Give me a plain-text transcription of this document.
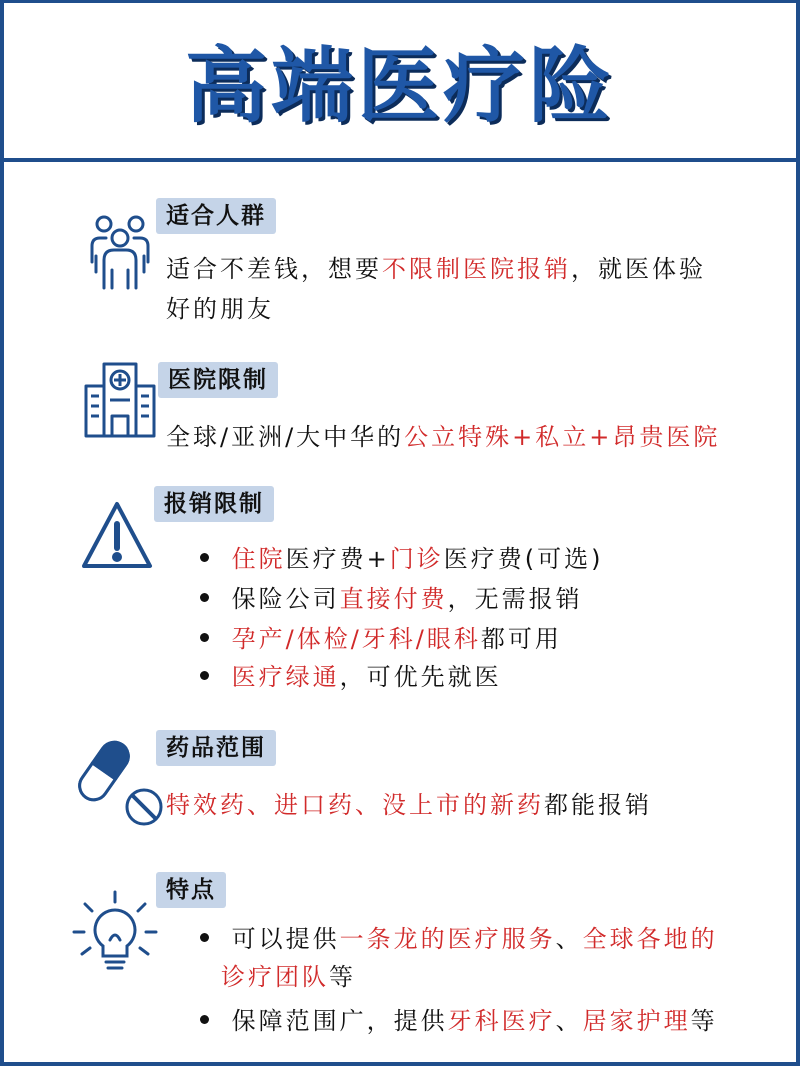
高端医疗险
适合人群
适合不差钱，想要不限制医院报销，就医体验
好的朋友
医院限制
全球/亚洲/大中华的公立特殊+私立+昂贵医院
报销限制
住院医疗费+门诊医疗费(可选)
保险公司直接付费，无需报销
孕产/体检/牙科/眼科都可用
医疗绿通，可优先就医
药品范围
特效药、进口药、没上市的新药都能报销
特点
可以提供一条龙的医疗服务、全球各地的
诊疗团队等
保障范围广，提供牙科医疗、居家护理等
